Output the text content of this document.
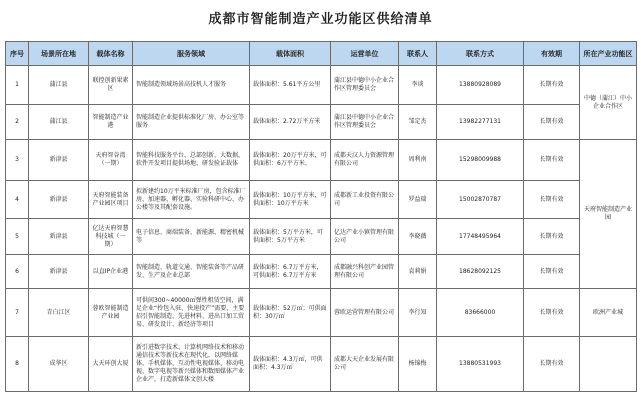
成都市智能制造产业功能区供给清单
序号	场景所在地	载体名称	服务领域	载体面积	运营单位	联系人	联系方式	有效期	所在产业功能区
1	蒲江县	联控创新果素区	智能制造领域场景高技机人才服务	载体面积：5.61平方公里	蒲江县中德中小企业合作区管理委员会	李谈	13880928089	长期有效	中德（蒲江）中小企业合作区
2	蒲江县	智能制造产业港	智能制造企业提供标准化厂房、办公室等服务	载体面积：2.72万平方米	蒲江县中德中小企业合作区管理委员会	邹定杰	13982277131	长期有效	
3	新津县	天府智谷湾（一期）	智能科技服务平台、总部创新、大数据，软件开发项目提供场地、研发验证载体	载体面积：20万平方米，可供面积：6万平方米。	成都天汉人力资源管理有限公司	周利南	15298009988	长期有效	天府智能制造产业园
4	新津县	天府智能装备产业园区项目	拟新建约10万平米标准厂房，包含标准厂房、加速器、孵化器、实验科研中心、办公楼等及其配套设施。	载体面积：10万平方米，可供面积：10万平方米	成都新工业投资有限公司	罗益瑞	15002870787	长期有效	
5	新津县	亿达天府智慧科技城（一期）	电子信息、商端装备、新能源、精密机械等	载体面积：5万平方米，可供面积：5万平方米	亿达产业小镇管理有限公司	李晓薇	17748495964	长期有效	
6	新津县	以直IP企业港	智能制造、轨道交通、智能装备等产品研发、生产及企业总部	载体面积：6.7万平方米，可供面积：6.7万平方米	成都融兴科创产业园管理有限公司	袁莉娟	18628092125	长期有效	
7	青白江区	蓉欧智能制造产业园	可供间300~40000㎡弹性租赁空间，满足企业“拎包入驻、快速投产”需要，主要招引智能制造、先进材料、进出口加工贸易、研发设计、新经济等项目	载体面积：52万㎡；可供面积：30万㎡	蓉欧运营管理有限公司	李行知	83666000	长期有效	欧洲产业城
8	成华区	大天环创大厦	新引进数字技术、计算机网络技术和移动通信技术等新技术在现代化，以网络媒体、手机媒体、互动性电视媒体、移动电视、数字电视等新兴媒体和数图媒体产业企业产，打造新媒体文创大楼	载体面积：4.3万㎡，可供面积：4.3万㎡	成都大天企业发展有限公司	杨锦梅	13880531993	长期有效	
